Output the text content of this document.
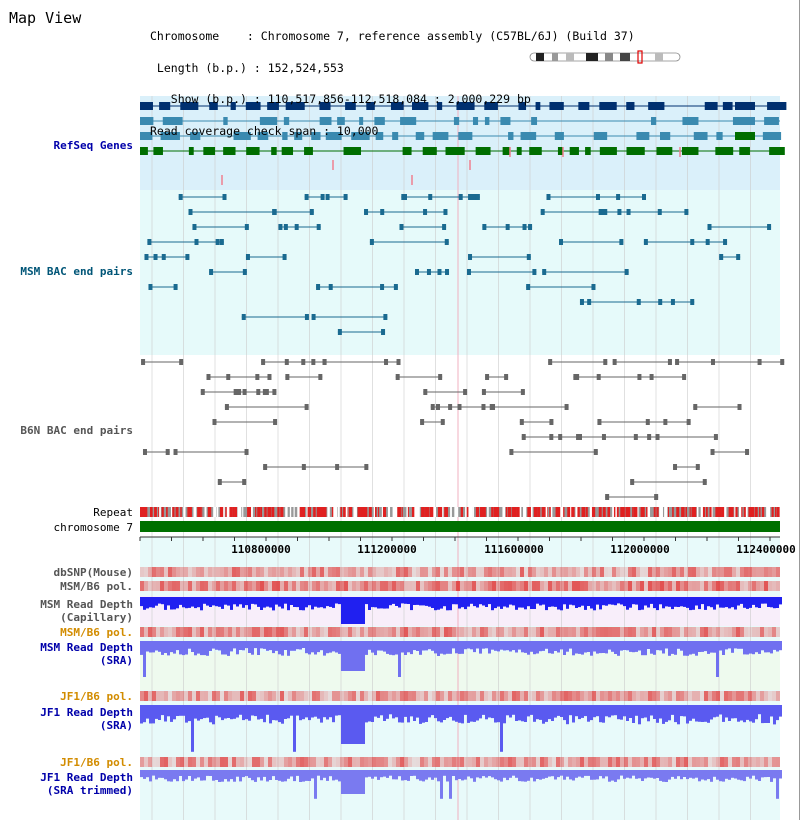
110800000	111200000	111600000	112000000	112400000
Map View

Chromosome    : Chromosome 7, reference assembly (C57BL/6J) (Build 37)

Length (b.p.) : 152,524,553

Show (b.p.) : 110,517,856-112,518,084 : 2,000,229 bp

Read coverage check span : 10,000

RefSeq Genes
MSM BAC end pairs
B6N BAC end pairs
Repeat
chromosome 7
dbSNP(Mouse)
MSM/B6 pol.
MSM Read Depth
(Capillary)
MSM/B6 pol.
MSM Read Depth
(SRA)
JF1/B6 pol.
JF1 Read Depth
(SRA)
JF1/B6 pol.
JF1 Read Depth
(SRA trimmed)
